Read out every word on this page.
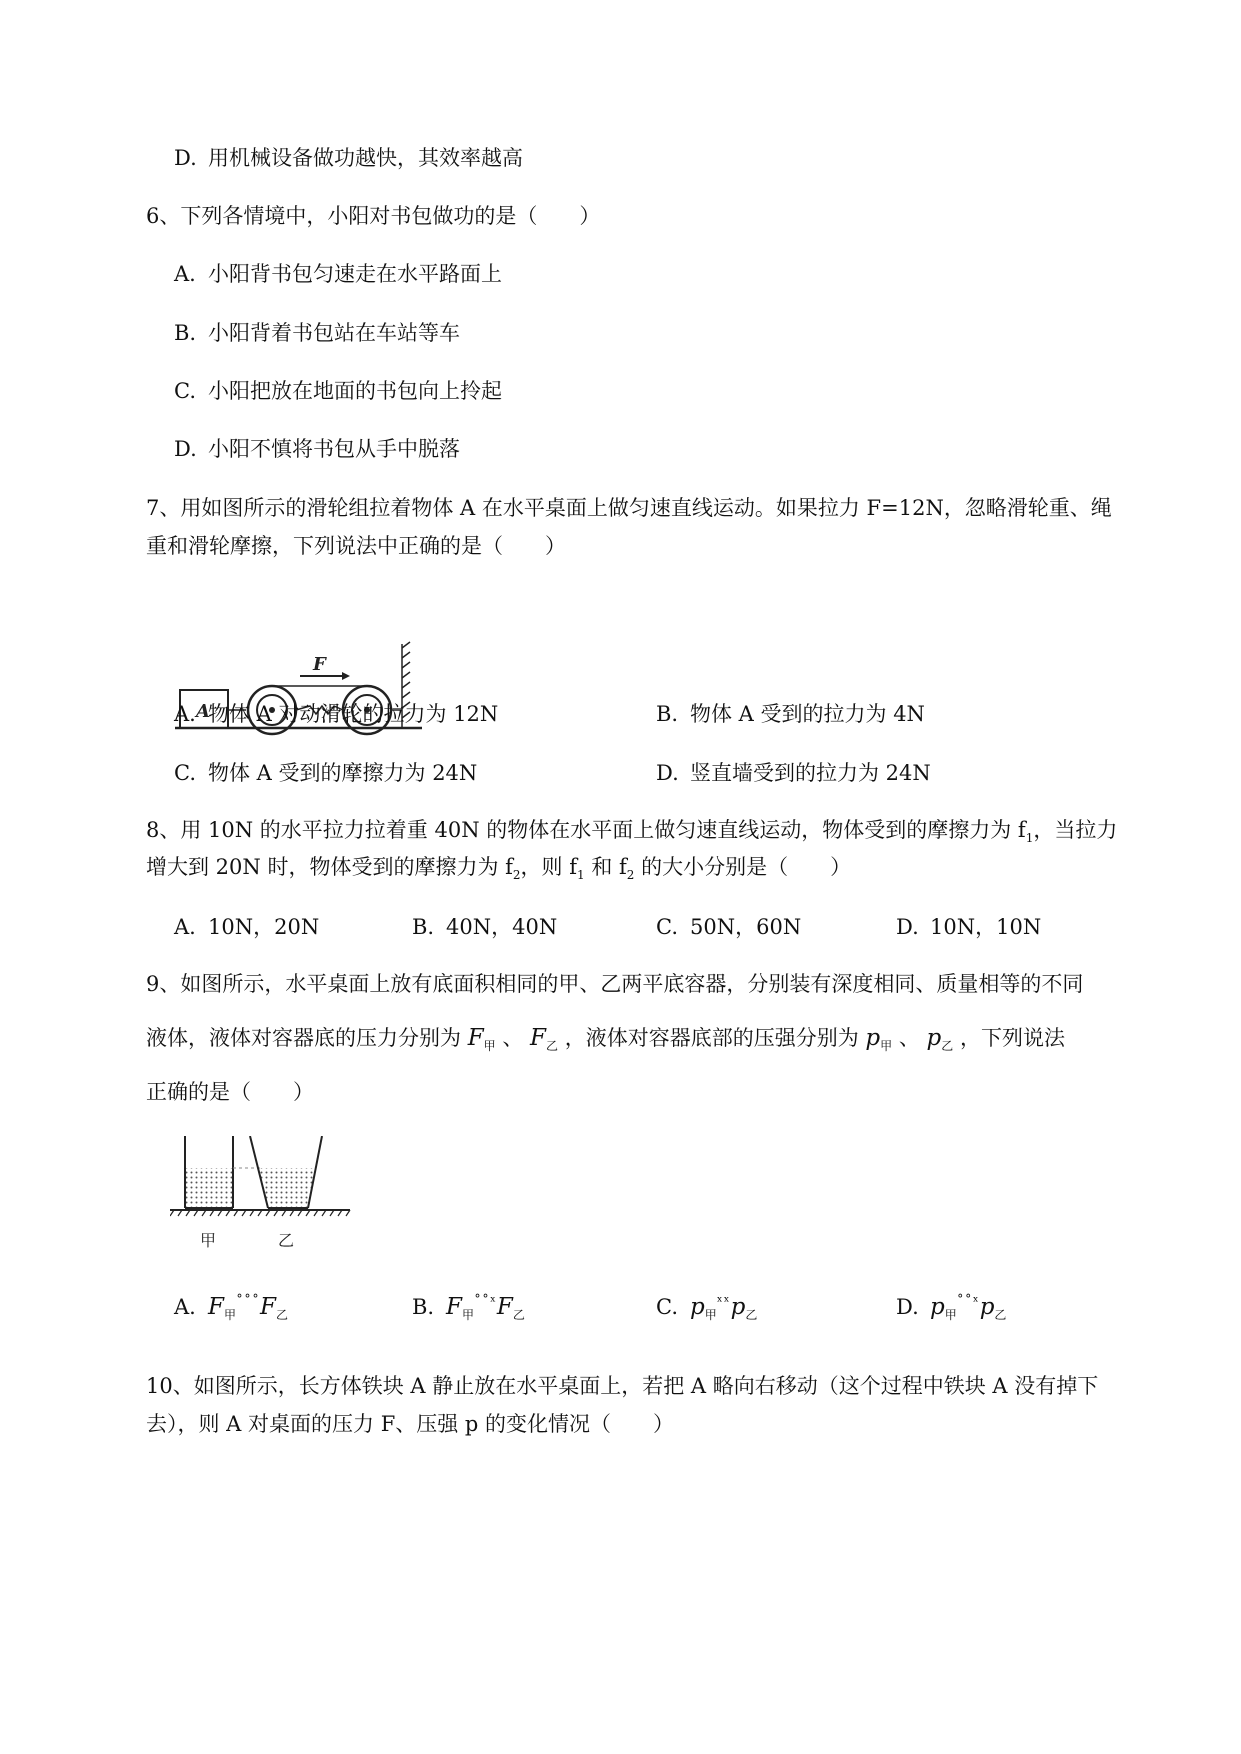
D. 用机械设备做功越快，其效率越高
6、下列各情境中，小阳对书包做功的是（　　）
A. 小阳背书包匀速走在水平路面上
B. 小阳背着书包站在车站等车
C. 小阳把放在地面的书包向上拎起
D. 小阳不慎将书包从手中脱落
7、用如图所示的滑轮组拉着物体 A 在水平桌面上做匀速直线运动。如果拉力 F=12N，忽略滑轮重、绳
重和滑轮摩擦，下列说法中正确的是（　　）
A
F
A. 物体 A 对动滑轮的拉力为 12N	B. 物体 A 受到的拉力为 4N
C. 物体 A 受到的摩擦力为 24N	D. 竖直墙受到的拉力为 24N
8、用 10N 的水平拉力拉着重 40N 的物体在水平面上做匀速直线运动，物体受到的摩擦力为 $f_1$，当拉力
增大到 20N 时，物体受到的摩擦力为 $f_2$，则 $f_1$ 和 $f_2$ 的大小分别是（　　）
A. 10N，20N	B. 40N，40N	C. 50N，60N	D. 10N，10N
9、如图所示，水平桌面上放有底面积相同的甲、乙两平底容器，分别装有深度相同、质量相等的不同
液体，液体对容器底的压力分别为 $F_甲$ 、 $F_乙$ ，液体对容器底部的压强分别为 $p_甲$ 、 $p_乙$ ，下列说法
正确的是（　　）
甲	乙
A. $F_甲^{˚˚˚}F_乙$	B. $F_甲^{˚˚ˣ}F_乙$	C. $p_甲^{ˣˣ}p_乙$	D. $p_甲^{˚˚ˣ}p_乙$
10、如图所示，长方体铁块 A 静止放在水平桌面上，若把 A 略向右移动（这个过程中铁块 A 没有掉下
去），则 A 对桌面的压力 F、压强 p 的变化情况（　　）
